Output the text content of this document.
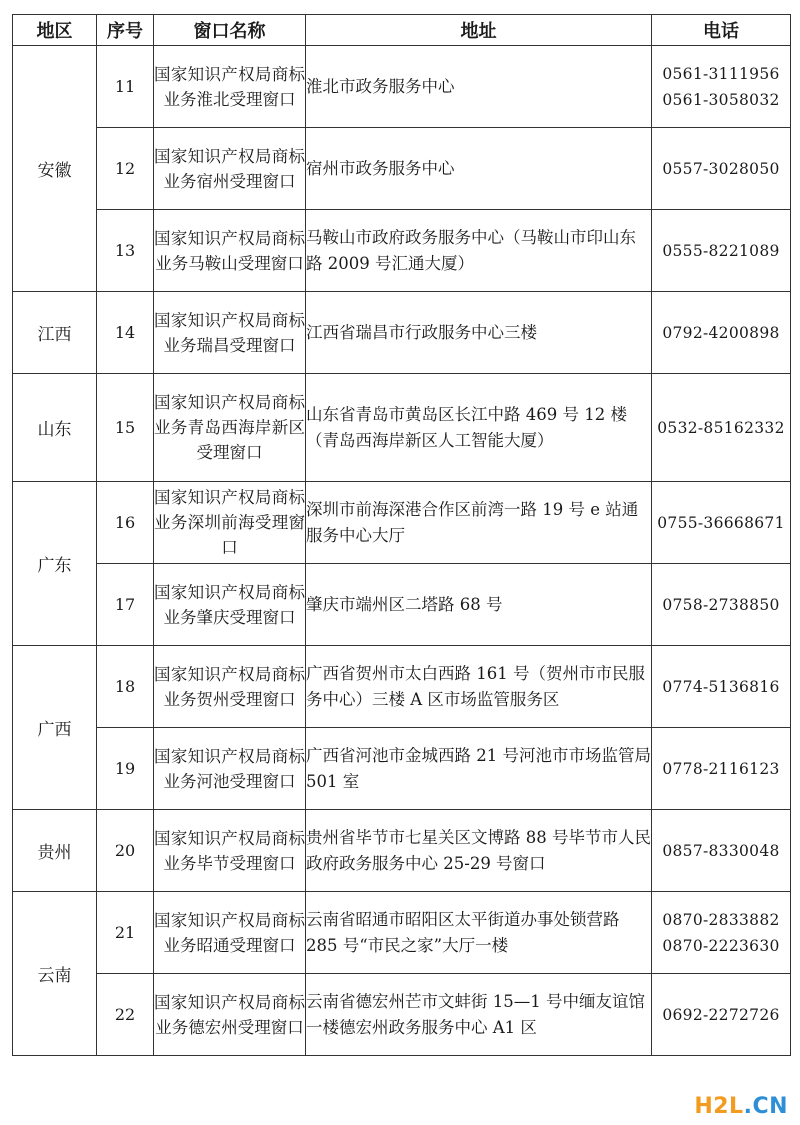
地区	序号	窗口名称	地址	电话
安徽	11	国家知识产权局商标业务淮北受理窗口	淮北市政务服务中心	0561-3111956
0561-3058032

	12	国家知识产权局商标业务宿州受理窗口	宿州市政务服务中心	0557-3028050

	13	国家知识产权局商标业务马鞍山受理窗口	马鞍山市政府政务服务中心（马鞍山市印山东路 2009 号汇通大厦）	0555-8221089

江西	14	国家知识产权局商标业务瑞昌受理窗口	江西省瑞昌市行政服务中心三楼	0792-4200898

山东	15	国家知识产权局商标业务青岛西海岸新区受理窗口	山东省青岛市黄岛区长江中路 469 号 12 楼（青岛西海岸新区人工智能大厦）	0532-85162332

广东	16	国家知识产权局商标业务深圳前海受理窗口	深圳市前海深港合作区前湾一路 19 号 e 站通服务中心大厅	0755-36668671

	17	国家知识产权局商标业务肇庆受理窗口	肇庆市端州区二塔路 68 号	0758-2738850

广西	18	国家知识产权局商标业务贺州受理窗口	广西省贺州市太白西路 161 号（贺州市市民服务中心）三楼 A 区市场监管服务区	0774-5136816

	19	国家知识产权局商标业务河池受理窗口	广西省河池市金城西路 21 号河池市市场监管局 501 室	0778-2116123

贵州	20	国家知识产权局商标业务毕节受理窗口	贵州省毕节市七星关区文博路 88 号毕节市人民政府政务服务中心 25-29 号窗口	0857-8330048

云南	21	国家知识产权局商标业务昭通受理窗口	云南省昭通市昭阳区太平街道办事处锁营路 285 号“市民之家”大厅一楼	0870-2833882
0870-2223630

	22	国家知识产权局商标业务德宏州受理窗口	云南省德宏州芒市文蚌街 15—1 号中缅友谊馆一楼德宏州政务服务中心 A1 区	0692-2272726
H2L.CN
